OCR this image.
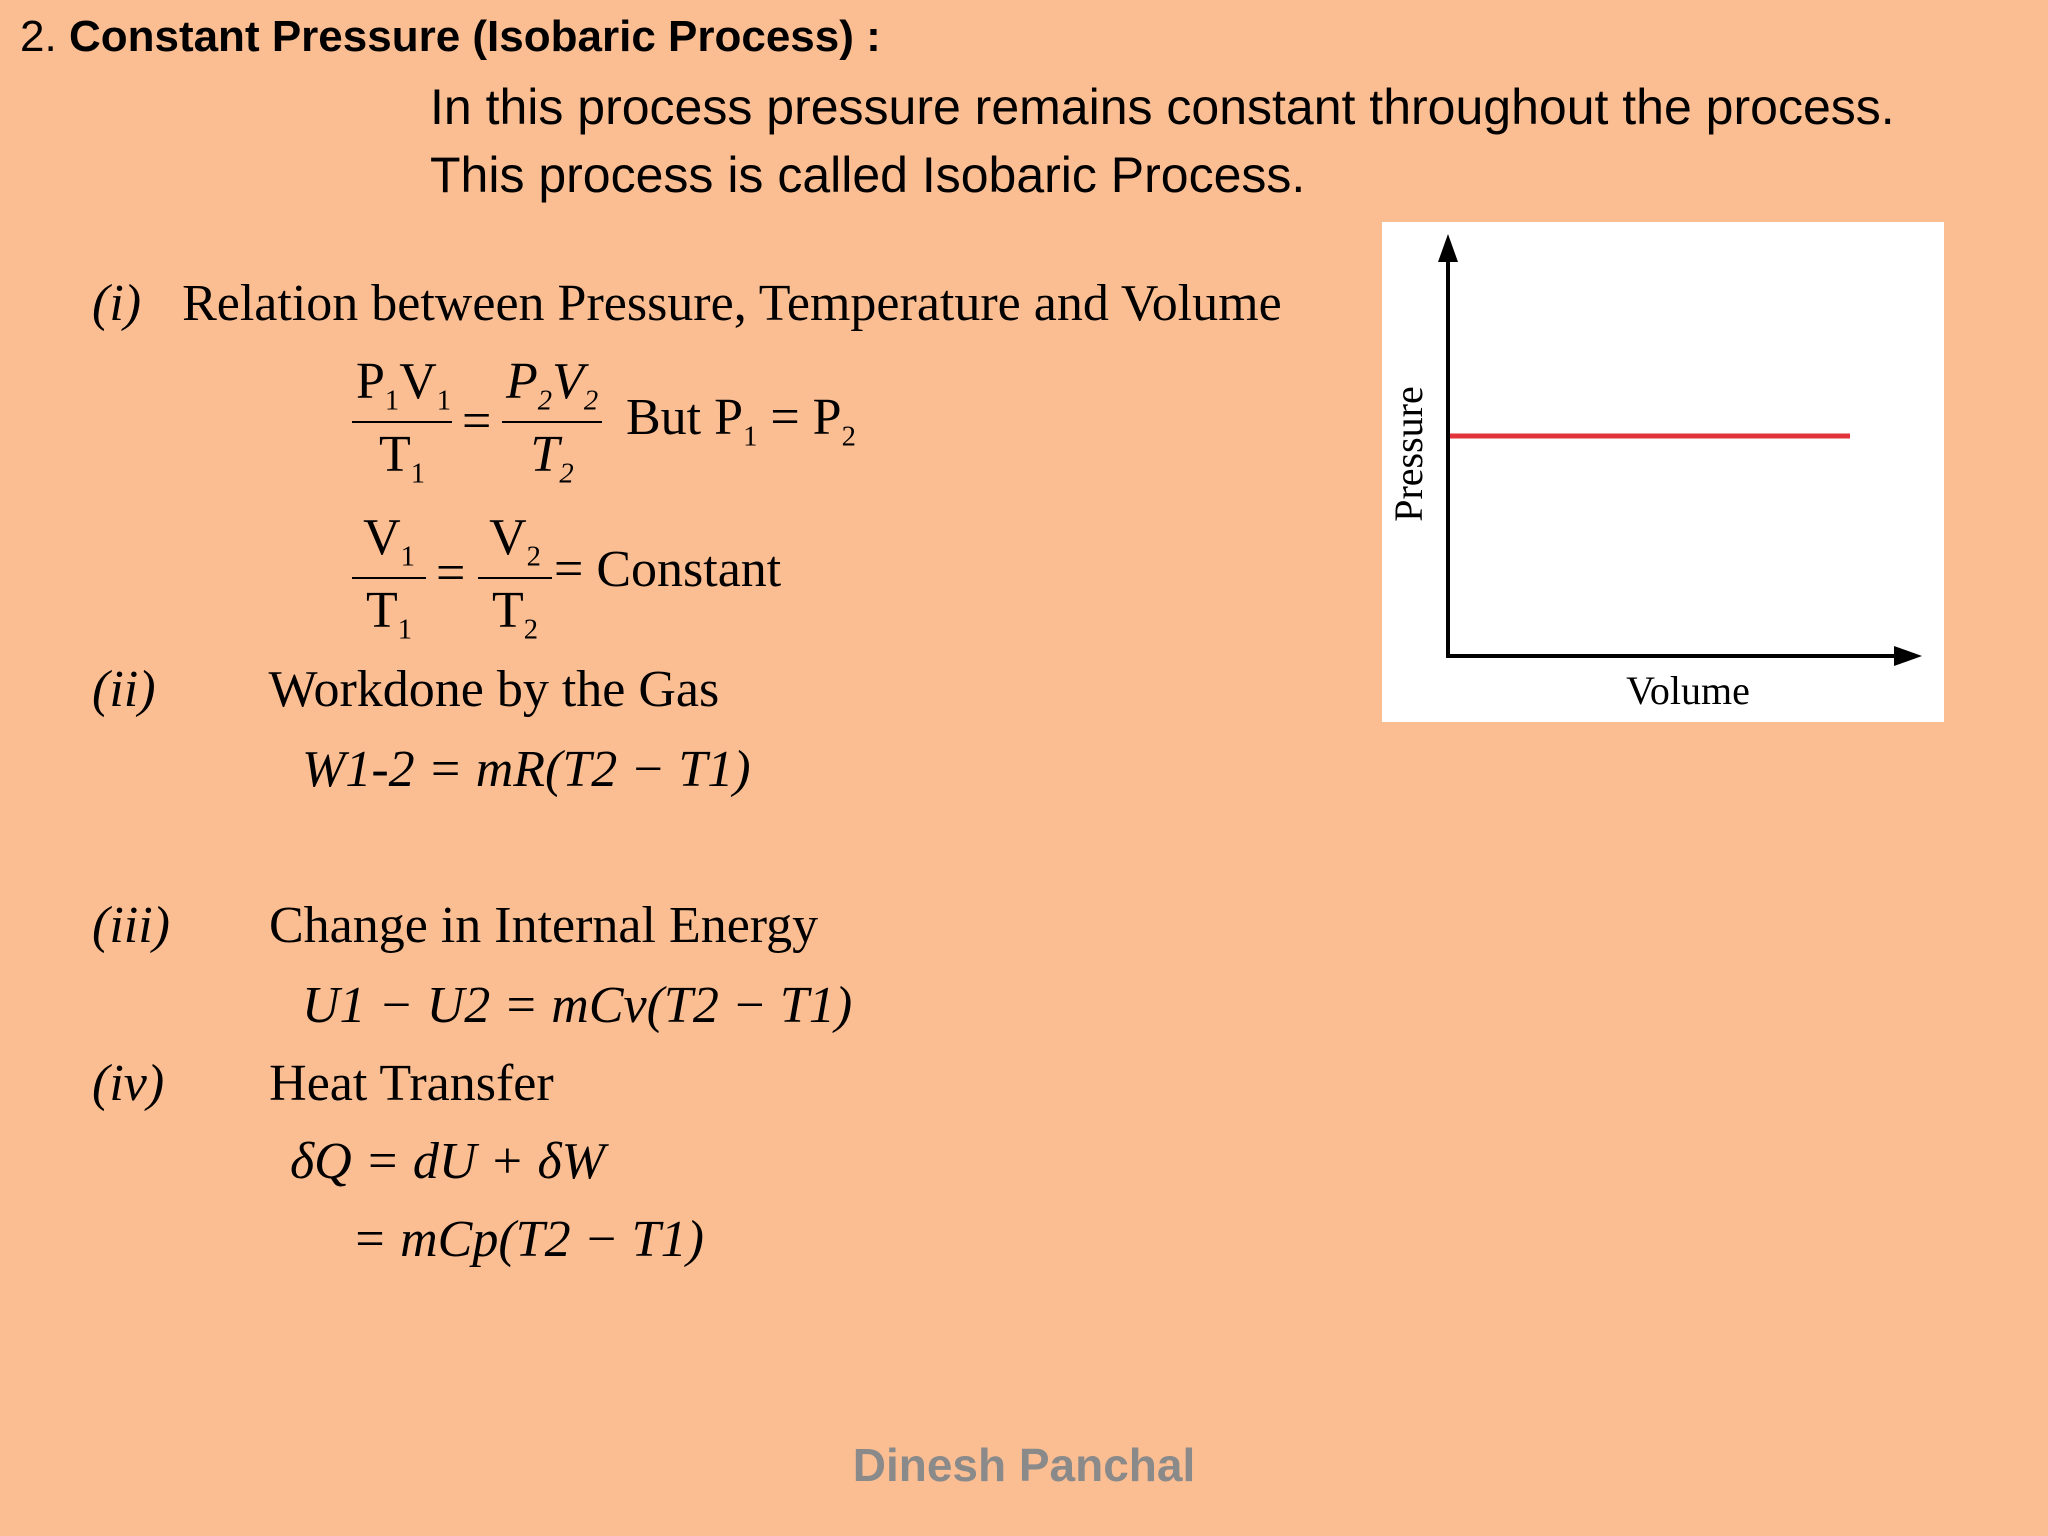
2. Constant Pressure (Isobaric Process) :
In this process pressure remains constant throughout the process.
This process is called Isobaric Process.
(i) Relation between Pressure, Temperature and Volume
$P_1V_1$
$T_1$
=
$P_2V_2$
$T_2$
But $P_1 = P_2$
$V_1$
$T_1$
=
$V_2$
$T_2$
= Constant
(ii) Workdone by the Gas
W1-2 = mR(T2 − T1)
(iii) Change in Internal Energy
U1 − U2 = mCv(T2 − T1)
(iv) Heat Transfer
δQ = dU + δW
= mCp(T2 − T1)
Volume
Pressure
Dinesh Panchal
